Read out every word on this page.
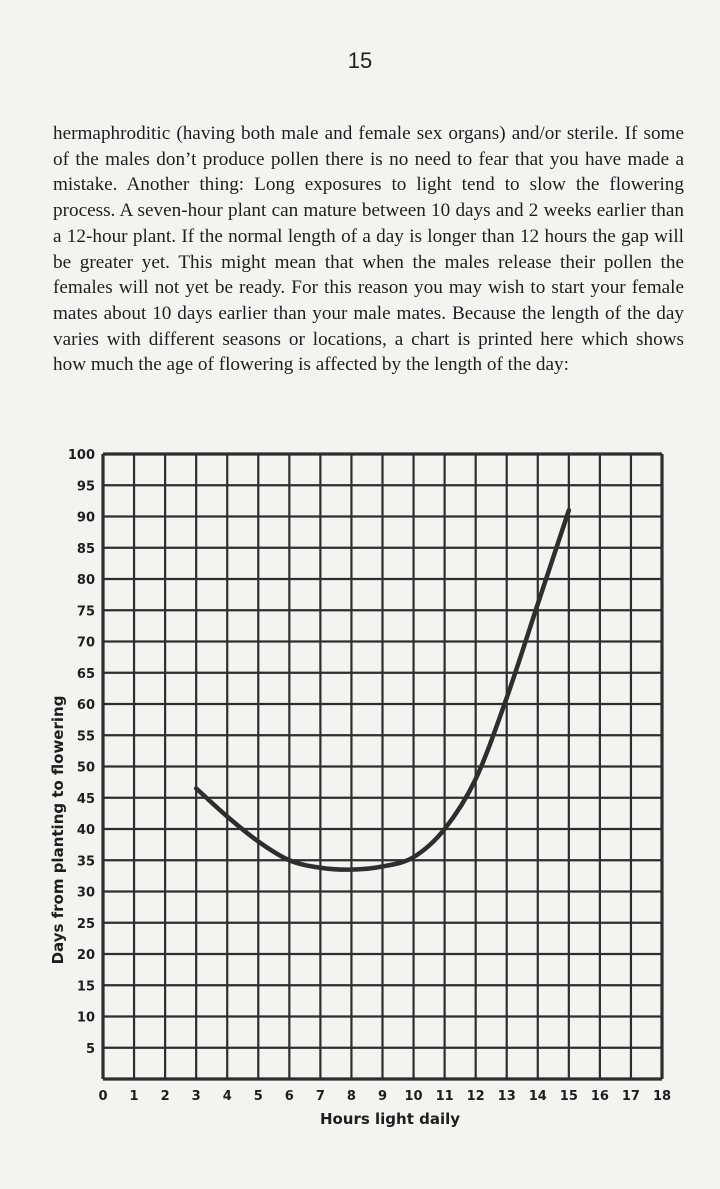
15

hermaphroditic (having both male and female sex organs) and/or sterile. If some of the males don’t produce pollen there is no need to fear that you have made a mistake. Another thing: Long exposures to light tend to slow the flowering process. A seven-hour plant can mature between 10 days and 2 weeks earlier than a 12-hour plant. If the normal length of a day is longer than 12 hours the gap will be greater yet. This might mean that when the males release their pollen the females will not yet be ready. For this reason you may wish to start your female mates about 10 days earlier than your male mates. Because the length of the day varies with different seasons or locations, a chart is printed here which shows how much the age of flowering is affected by the length of the day:

5
10
15
20
25
30
35
40
45
50
55
60
65
70
75
80
85
90
95
100
0 1 2 3 4 5 6 7 8 9 10 11 12 13 14 15 16 17 18
Hours light daily
Days from planting to flowering
